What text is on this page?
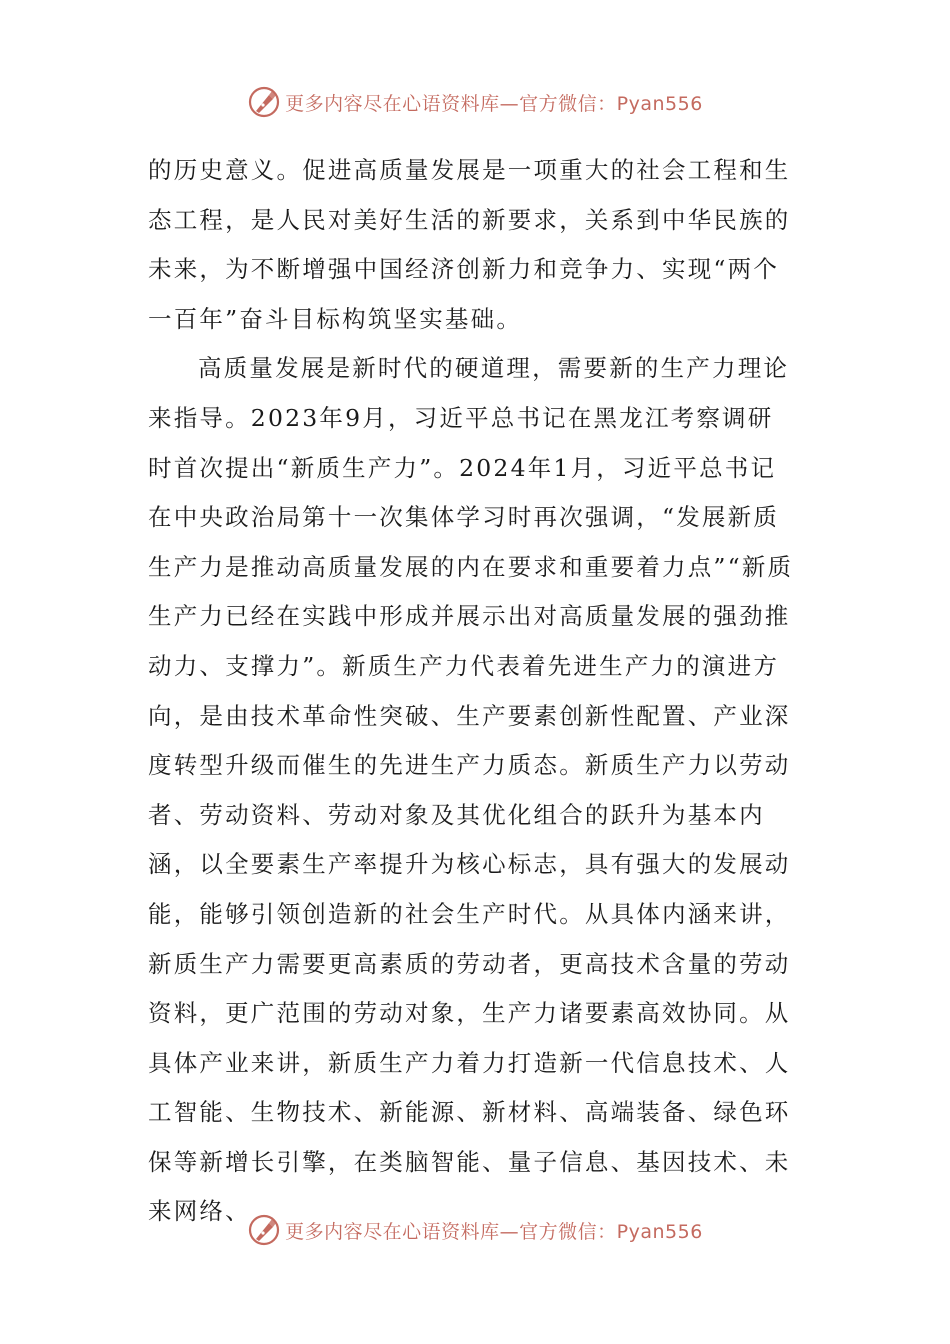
更多内容尽在心语资料库—官方微信：Pyan556

的历史意义。促进高质量发展是一项重大的社会工程和生态工程，是人民对美好生活的新要求，关系到中华民族的未来，为不断增强中国经济创新力和竞争力、实现“两个一百年”奋斗目标构筑坚实基础。

高质量发展是新时代的硬道理，需要新的生产力理论来指导。2023年9月，习近平总书记在黑龙江考察调研时首次提出“新质生产力”。2024年1月，习近平总书记在中央政治局第十一次集体学习时再次强调，“发展新质生产力是推动高质量发展的内在要求和重要着力点”“新质生产力已经在实践中形成并展示出对高质量发展的强劲推动力、支撑力”。新质生产力代表着先进生产力的演进方向，是由技术革命性突破、生产要素创新性配置、产业深度转型升级而催生的先进生产力质态。新质生产力以劳动者、劳动资料、劳动对象及其优化组合的跃升为基本内涵，以全要素生产率提升为核心标志，具有强大的发展动能，能够引领创造新的社会生产时代。从具体内涵来讲，新质生产力需要更高素质的劳动者，更高技术含量的劳动资料，更广范围的劳动对象，生产力诸要素高效协同。从具体产业来讲，新质生产力着力打造新一代信息技术、人工智能、生物技术、新能源、新材料、高端装备、绿色环保等新增长引擎，在类脑智能、量子信息、基因技术、未来网络、

更多内容尽在心语资料库—官方微信：Pyan556
